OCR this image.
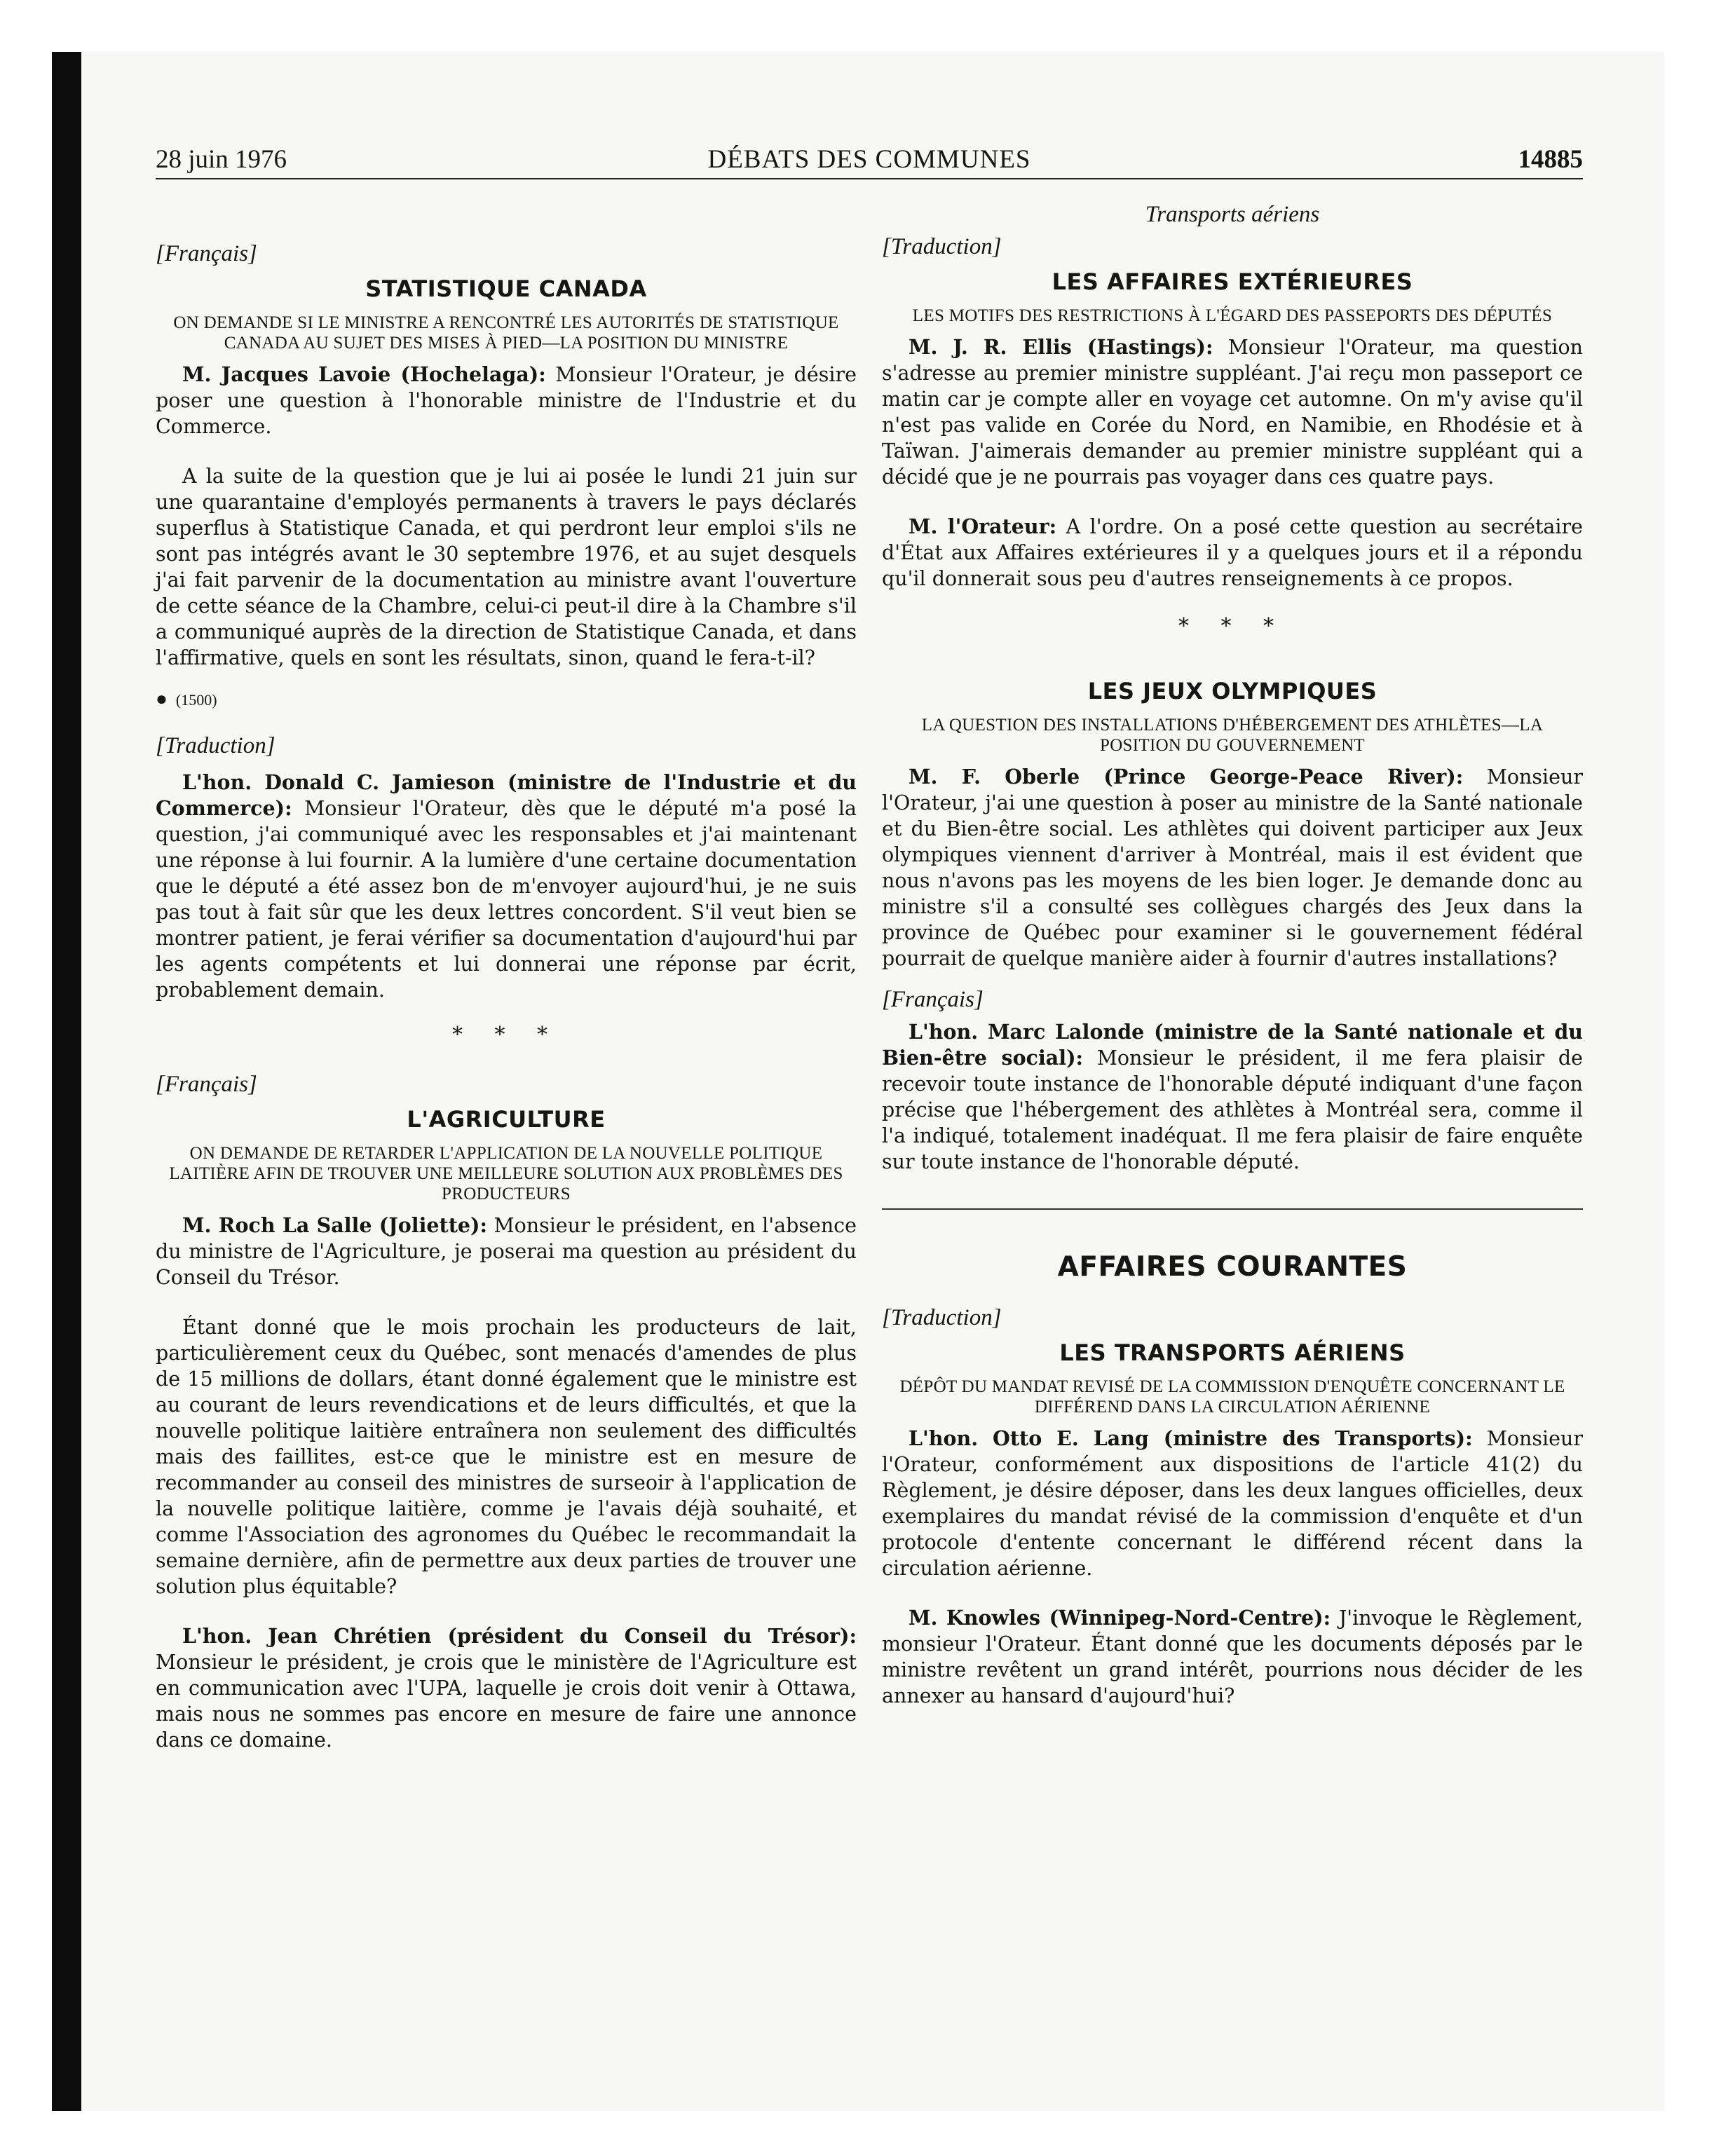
28 juin 1976	DÉBATS DES COMMUNES	14885

[Français]

STATISTIQUE CANADA

ON DEMANDE SI LE MINISTRE A RENCONTRÉ LES AUTORITÉS DE STATISTIQUE CANADA AU SUJET DES MISES À PIED—LA POSITION DU MINISTRE

M. Jacques Lavoie (Hochelaga): Monsieur l'Orateur, je désire poser une question à l'honorable ministre de l'Industrie et du Commerce.

A la suite de la question que je lui ai posée le lundi 21 juin sur une quarantaine d'employés permanents à travers le pays déclarés superflus à Statistique Canada, et qui perdront leur emploi s'ils ne sont pas intégrés avant le 30 septembre 1976, et au sujet desquels j'ai fait parvenir de la documentation au ministre avant l'ouverture de cette séance de la Chambre, celui-ci peut-il dire à la Chambre s'il a communiqué auprès de la direction de Statistique Canada, et dans l'affirmative, quels en sont les résultats, sinon, quand le fera-t-il?

● (1500)

[Traduction]

L'hon. Donald C. Jamieson (ministre de l'Industrie et du Commerce): Monsieur l'Orateur, dès que le député m'a posé la question, j'ai communiqué avec les responsables et j'ai maintenant une réponse à lui fournir. A la lumière d'une certaine documentation que le député a été assez bon de m'envoyer aujourd'hui, je ne suis pas tout à fait sûr que les deux lettres concordent. S'il veut bien se montrer patient, je ferai vérifier sa documentation d'aujourd'hui par les agents compétents et lui donnerai une réponse par écrit, probablement demain.

* * *

[Français]

L'AGRICULTURE

ON DEMANDE DE RETARDER L'APPLICATION DE LA NOUVELLE POLITIQUE LAITIÈRE AFIN DE TROUVER UNE MEILLEURE SOLUTION AUX PROBLÈMES DES PRODUCTEURS

M. Roch La Salle (Joliette): Monsieur le président, en l'absence du ministre de l'Agriculture, je poserai ma question au président du Conseil du Trésor.

Étant donné que le mois prochain les producteurs de lait, particulièrement ceux du Québec, sont menacés d'amendes de plus de 15 millions de dollars, étant donné également que le ministre est au courant de leurs revendications et de leurs difficultés, et que la nouvelle politique laitière entraînera non seulement des difficultés mais des faillites, est-ce que le ministre est en mesure de recommander au conseil des ministres de surseoir à l'application de la nouvelle politique laitière, comme je l'avais déjà souhaité, et comme l'Association des agronomes du Québec le recommandait la semaine dernière, afin de permettre aux deux parties de trouver une solution plus équitable?

L'hon. Jean Chrétien (président du Conseil du Trésor): Monsieur le président, je crois que le ministère de l'Agriculture est en communication avec l'UPA, laquelle je crois doit venir à Ottawa, mais nous ne sommes pas encore en mesure de faire une annonce dans ce domaine.

Transports aériens

[Traduction]

LES AFFAIRES EXTÉRIEURES

LES MOTIFS DES RESTRICTIONS À L'ÉGARD DES PASSEPORTS DES DÉPUTÉS

M. J. R. Ellis (Hastings): Monsieur l'Orateur, ma question s'adresse au premier ministre suppléant. J'ai reçu mon passeport ce matin car je compte aller en voyage cet automne. On m'y avise qu'il n'est pas valide en Corée du Nord, en Namibie, en Rhodésie et à Taïwan. J'aimerais demander au premier ministre suppléant qui a décidé que je ne pourrais pas voyager dans ces quatre pays.

M. l'Orateur: A l'ordre. On a posé cette question au secrétaire d'État aux Affaires extérieures il y a quelques jours et il a répondu qu'il donnerait sous peu d'autres renseignements à ce propos.

* * *

LES JEUX OLYMPIQUES

LA QUESTION DES INSTALLATIONS D'HÉBERGEMENT DES ATHLÈTES—LA POSITION DU GOUVERNEMENT

M. F. Oberle (Prince George-Peace River): Monsieur l'Orateur, j'ai une question à poser au ministre de la Santé nationale et du Bien-être social. Les athlètes qui doivent participer aux Jeux olympiques viennent d'arriver à Montréal, mais il est évident que nous n'avons pas les moyens de les bien loger. Je demande donc au ministre s'il a consulté ses collègues chargés des Jeux dans la province de Québec pour examiner si le gouvernement fédéral pourrait de quelque manière aider à fournir d'autres installations?

[Français]

L'hon. Marc Lalonde (ministre de la Santé nationale et du Bien-être social): Monsieur le président, il me fera plaisir de recevoir toute instance de l'honorable député indiquant d'une façon précise que l'hébergement des athlètes à Montréal sera, comme il l'a indiqué, totalement inadéquat. Il me fera plaisir de faire enquête sur toute instance de l'honorable député.

AFFAIRES COURANTES

[Traduction]

LES TRANSPORTS AÉRIENS

DÉPÔT DU MANDAT REVISÉ DE LA COMMISSION D'ENQUÊTE CONCERNANT LE DIFFÉREND DANS LA CIRCULATION AÉRIENNE

L'hon. Otto E. Lang (ministre des Transports): Monsieur l'Orateur, conformément aux dispositions de l'article 41(2) du Règlement, je désire déposer, dans les deux langues officielles, deux exemplaires du mandat révisé de la commission d'enquête et d'un protocole d'entente concernant le différend récent dans la circulation aérienne.

M. Knowles (Winnipeg-Nord-Centre): J'invoque le Règlement, monsieur l'Orateur. Étant donné que les documents déposés par le ministre revêtent un grand intérêt, pourrions nous décider de les annexer au hansard d'aujourd'hui?
